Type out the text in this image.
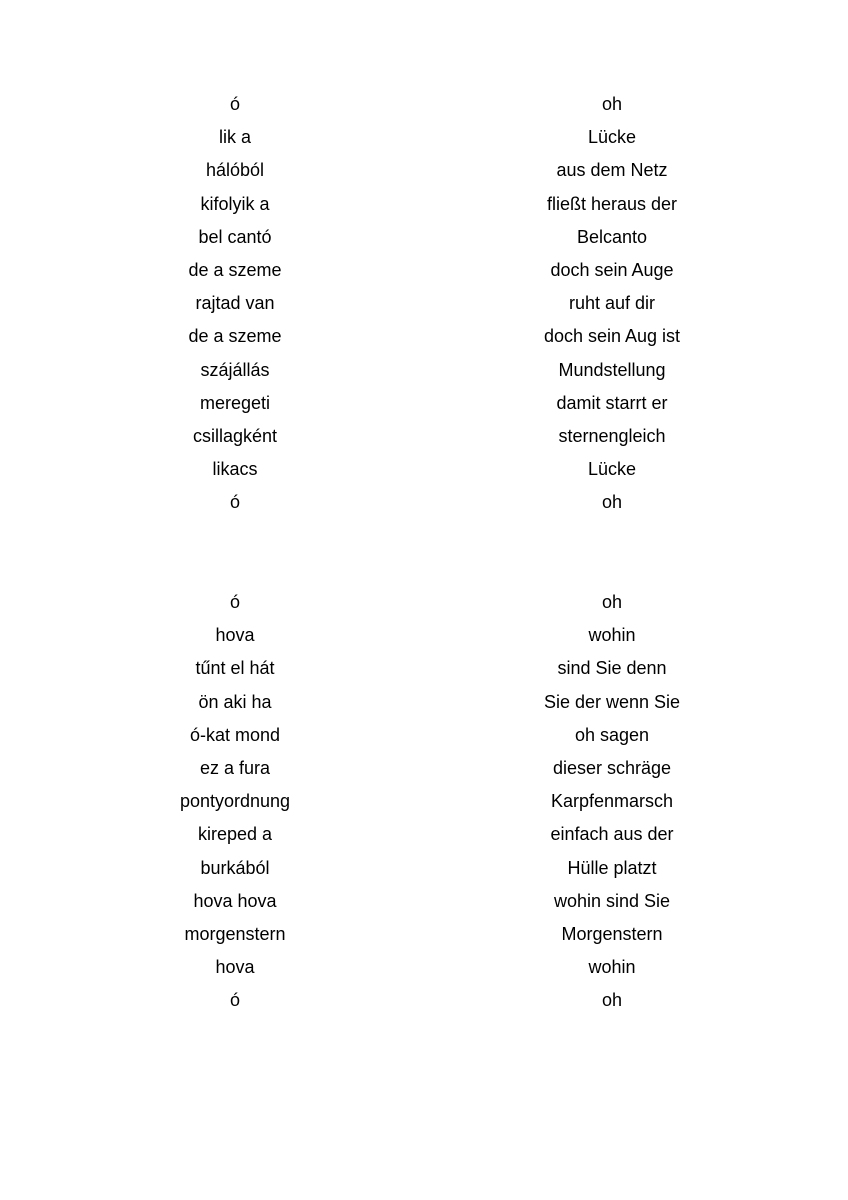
ó	oh
lik a	Lücke
hálóból	aus dem Netz
kifolyik a	fließt heraus der
bel cantó	Belcanto
de a szeme	doch sein Auge
rajtad van	ruht auf dir
de a szeme	doch sein Aug ist
szájállás	Mundstellung
meregeti	damit starrt er
csillagként	sternengleich
likacs	Lücke
ó	oh
ó	oh
hova	wohin
tűnt el hát	sind Sie denn
ön aki ha	Sie der wenn Sie
ó-kat mond	oh sagen
ez a fura	dieser schräge
pontyordnung	Karpfenmarsch
kireped a	einfach aus der
burkából	Hülle platzt
hova hova	wohin sind Sie
morgenstern	Morgenstern
hova	wohin
ó	oh
